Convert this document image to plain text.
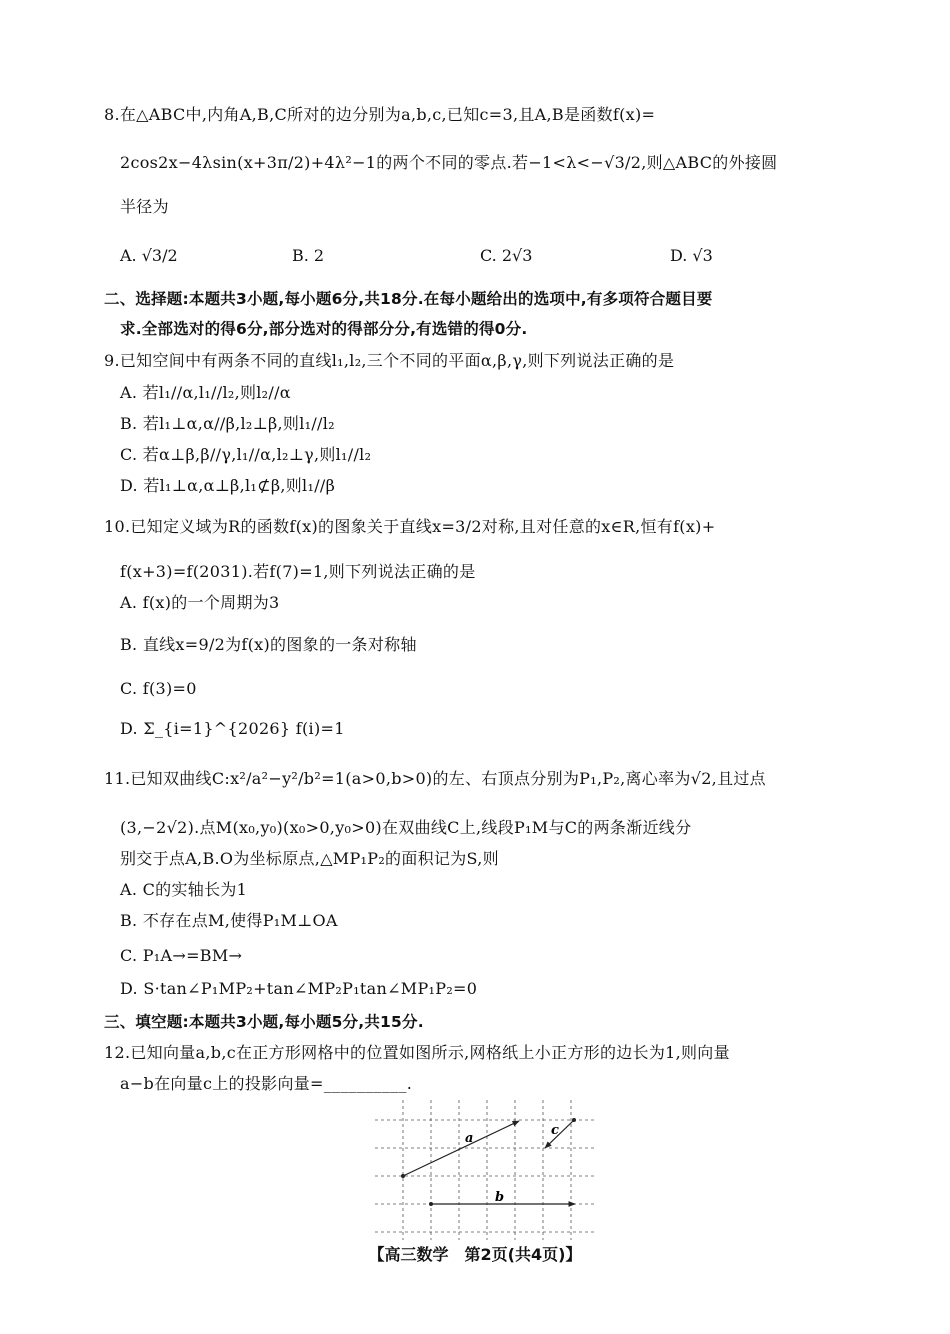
8.在△ABC中,内角A,B,C所对的边分别为a,b,c,已知c=3,且A,B是函数f(x)=
2cos2x−4λsin(x+3π/2)+4λ²−1的两个不同的零点.若−1<λ<−√3/2,则△ABC的外接圆
半径为
A. √3/2	B. 2	C. 2√3	D. √3
二、选择题:本题共3小题,每小题6分,共18分.在每小题给出的选项中,有多项符合题目要
求.全部选对的得6分,部分选对的得部分分,有选错的得0分.
9.已知空间中有两条不同的直线l₁,l₂,三个不同的平面α,β,γ,则下列说法正确的是
A. 若l₁//α,l₁//l₂,则l₂//α
B. 若l₁⊥α,α//β,l₂⊥β,则l₁//l₂
C. 若α⊥β,β//γ,l₁//α,l₂⊥γ,则l₁//l₂
D. 若l₁⊥α,α⊥β,l₁⊄β,则l₁//β
10.已知定义域为R的函数f(x)的图象关于直线x=3/2对称,且对任意的x∈R,恒有f(x)+
f(x+3)=f(2031).若f(7)=1,则下列说法正确的是
A. f(x)的一个周期为3
B. 直线x=9/2为f(x)的图象的一条对称轴
C. f(3)=0
D. Σ_{i=1}^{2026} f(i)=1
11.已知双曲线C:x²/a²−y²/b²=1(a>0,b>0)的左、右顶点分别为P₁,P₂,离心率为√2,且过点
(3,−2√2).点M(x₀,y₀)(x₀>0,y₀>0)在双曲线C上,线段P₁M与C的两条渐近线分
别交于点A,B.O为坐标原点,△MP₁P₂的面积记为S,则
A. C的实轴长为1
B. 不存在点M,使得P₁M⊥OA
C. P₁A→=BM→
D. S·tan∠P₁MP₂+tan∠MP₂P₁tan∠MP₁P₂=0
三、填空题:本题共3小题,每小题5分,共15分.
12.已知向量a,b,c在正方形网格中的位置如图所示,网格纸上小正方形的边长为1,则向量
a−b在向量c上的投影向量=__________.
a
b
c
【高三数学　第2页(共4页)】
